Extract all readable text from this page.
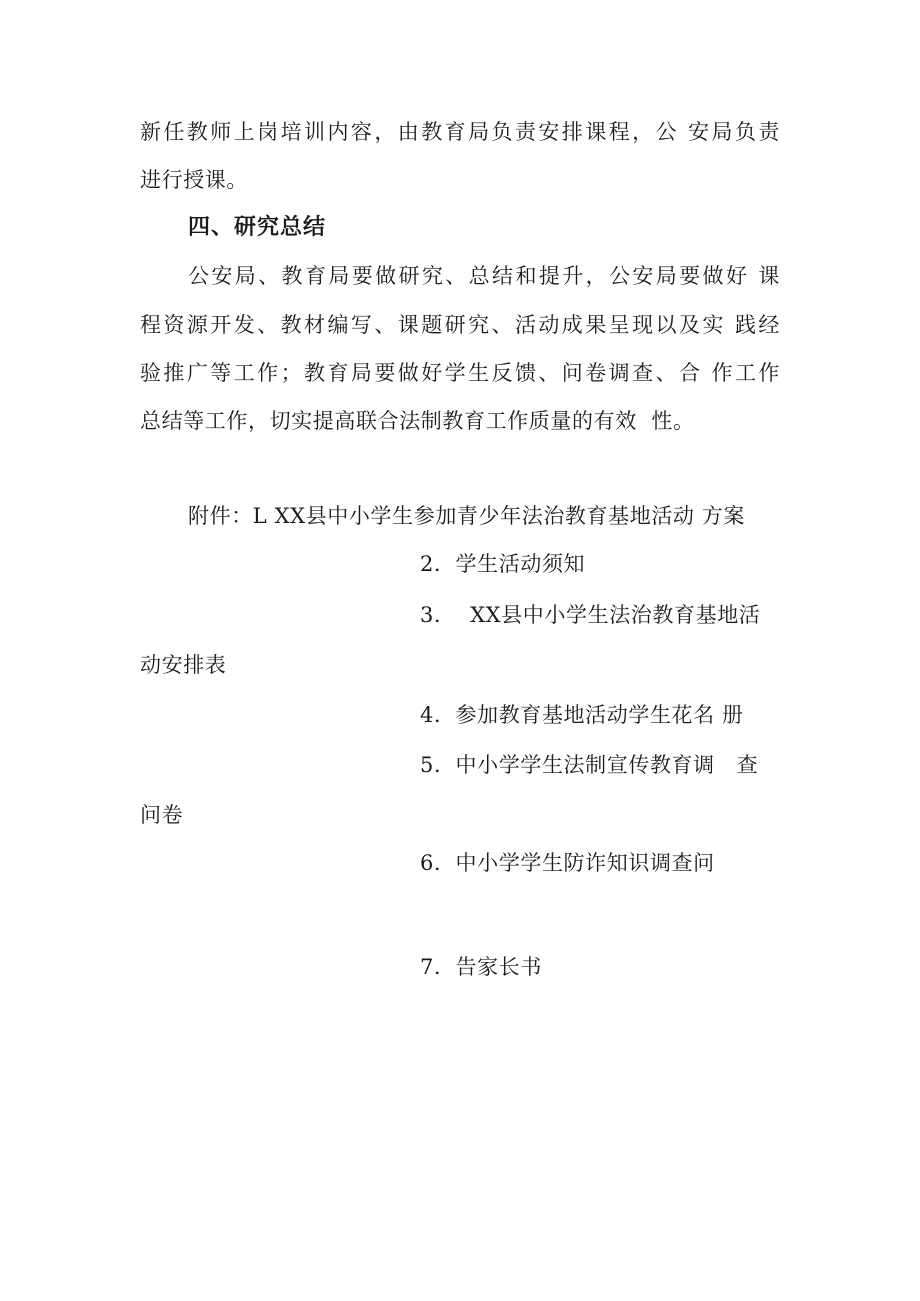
新任教师上岗培训内容，由教育局负责安排课程，公 安局负责
进行授课。
四、研究总结
公安局、教育局要做研究、总结和提升，公安局要做好 课
程资源开发、教材编写、课题研究、活动成果呈现以及实 践经
验推广等工作；教育局要做好学生反馈、问卷调查、合 作工作
总结等工作，切实提高联合法制教育工作质量的有效  性。
附件：L XX县中小学生参加青少年法治教育基地活动 方案
2．学生活动须知
3．  XX县中小学生法治教育基地活
动安排表
4．参加教育基地活动学生花名 册
5．中小学学生法制宣传教育调   查
问卷
6．中小学学生防诈知识调查问
7．告家长书
